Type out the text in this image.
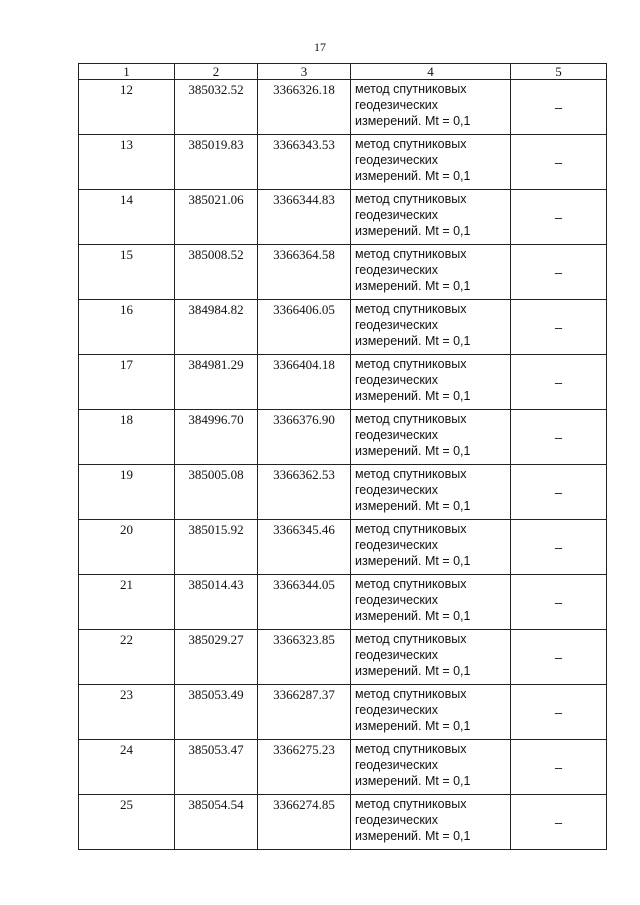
17
1	2	3	4	5
12	385032.52	3366326.18	метод спутниковых
геодезических
измерений. Mt = 0,1	–
13	385019.83	3366343.53	метод спутниковых
геодезических
измерений. Mt = 0,1	–
14	385021.06	3366344.83	метод спутниковых
геодезических
измерений. Mt = 0,1	–
15	385008.52	3366364.58	метод спутниковых
геодезических
измерений. Mt = 0,1	–
16	384984.82	3366406.05	метод спутниковых
геодезических
измерений. Mt = 0,1	–
17	384981.29	3366404.18	метод спутниковых
геодезических
измерений. Mt = 0,1	–
18	384996.70	3366376.90	метод спутниковых
геодезических
измерений. Mt = 0,1	–
19	385005.08	3366362.53	метод спутниковых
геодезических
измерений. Mt = 0,1	–
20	385015.92	3366345.46	метод спутниковых
геодезических
измерений. Mt = 0,1	–
21	385014.43	3366344.05	метод спутниковых
геодезических
измерений. Mt = 0,1	–
22	385029.27	3366323.85	метод спутниковых
геодезических
измерений. Mt = 0,1	–
23	385053.49	3366287.37	метод спутниковых
геодезических
измерений. Mt = 0,1	–
24	385053.47	3366275.23	метод спутниковых
геодезических
измерений. Mt = 0,1	–
25	385054.54	3366274.85	метод спутниковых
геодезических
измерений. Mt = 0,1	–
